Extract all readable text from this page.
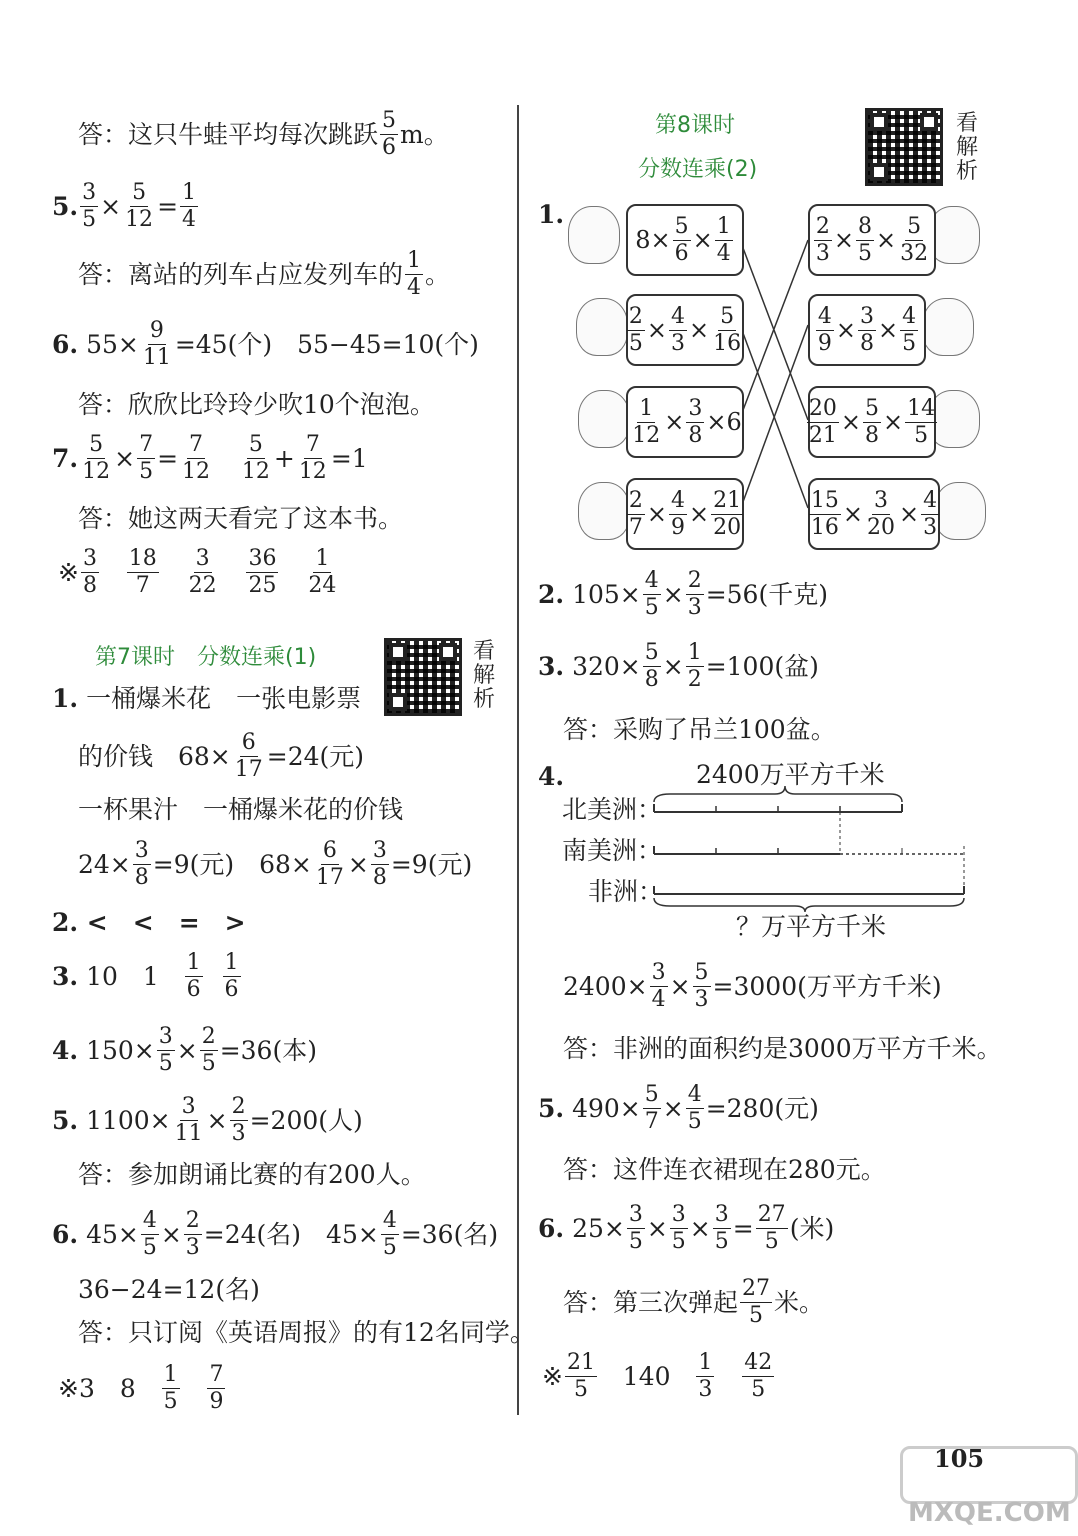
答：这只牛蛙平均每次跳跃 $\frac{5}{6}$ m。
5. $\frac{3}{5} \times \frac{5}{12} = \frac{1}{4}$
答：离站的列车占应发列车的 $\frac{1}{4}$ 。
6.
$55\times \frac{9}{11} =45$(个)　55−45=10(个)
答：欣欣比玲玲少吹10个泡泡。
7. $\frac{5}{12} \times \frac{7}{5} = \frac{7}{12}$
$\frac{5}{12} + \frac{7}{12} =1$
答：她这两天看完了这本书。
※ $\frac{3}{8}$
$\frac{18}{7}$
$\frac{3}{22}$
$\frac{36}{25}$
$\frac{1}{24}$
第7课时　分数连乘(1)	看解析
1. 一桶爆米花　一张电影票
的价钱　$68\times \frac{6}{17} =24$(元)
一杯果汁　一桶爆米花的价钱
$24\times \frac{3}{8} =9$(元)　$68\times \frac{6}{17} \times \frac{3}{8} =9$(元)
2. <　<　=　>
3.
10　1
$\frac{1}{6}$
$\frac{1}{6}$
4.
$150\times \frac{3}{5} \times \frac{2}{5} =36$(本)
5.
$1100\times \frac{3}{11} \times \frac{2}{3} =200$(人)
答：参加朗诵比赛的有200人。
6.
$45\times \frac{4}{5} \times \frac{2}{3} =24$(名)　$45\times \frac{4}{5} =36$(名)
36−24=12(名)
答：只订阅《英语周报》的有12名同学。
※3　8
$\frac{1}{5}$
$\frac{7}{9}$
第8课时
分数连乘(2)
看解析
1.
$8\times \frac{5}{6} \times \frac{1}{4}$
$\frac{2}{5} \times \frac{4}{3} \times \frac{5}{16}$
$\frac{1}{12} \times \frac{3}{8} \times 6$
$\frac{2}{7} \times \frac{4}{9} \times \frac{21}{20}$
$\frac{2}{3} \times \frac{8}{5} \times \frac{5}{32}$
$\frac{4}{9} \times \frac{3}{8} \times \frac{4}{5}$
$\frac{20}{21} \times \frac{5}{8} \times \frac{14}{5}$
$\frac{15}{16} \times \frac{3}{20} \times \frac{4}{3}$
2.
$105\times \frac{4}{5} \times \frac{2}{3} =56$(千克)
3.
$320\times \frac{5}{8} \times \frac{1}{2} =100$(盆)
答：采购了吊兰100盆。
4.	2400万平方千米
北美洲：
南美洲：
非洲：
？万平方千米
$2400\times \frac{3}{4} \times \frac{5}{3} =3000$(万平方千米)
答：非洲的面积约是3000万平方千米。
5.
$490\times \frac{5}{7} \times \frac{4}{5} =280$(元)
答：这件连衣裙现在280元。
6.
$25\times \frac{3}{5} \times \frac{3}{5} \times \frac{3}{5} = \frac{27}{5}$ (米)
答：第三次弹起 $\frac{27}{5}$ 米。
※ $\frac{21}{5}$
140
$\frac{1}{3}$
$\frac{42}{5}$
105
MXQE.COM
